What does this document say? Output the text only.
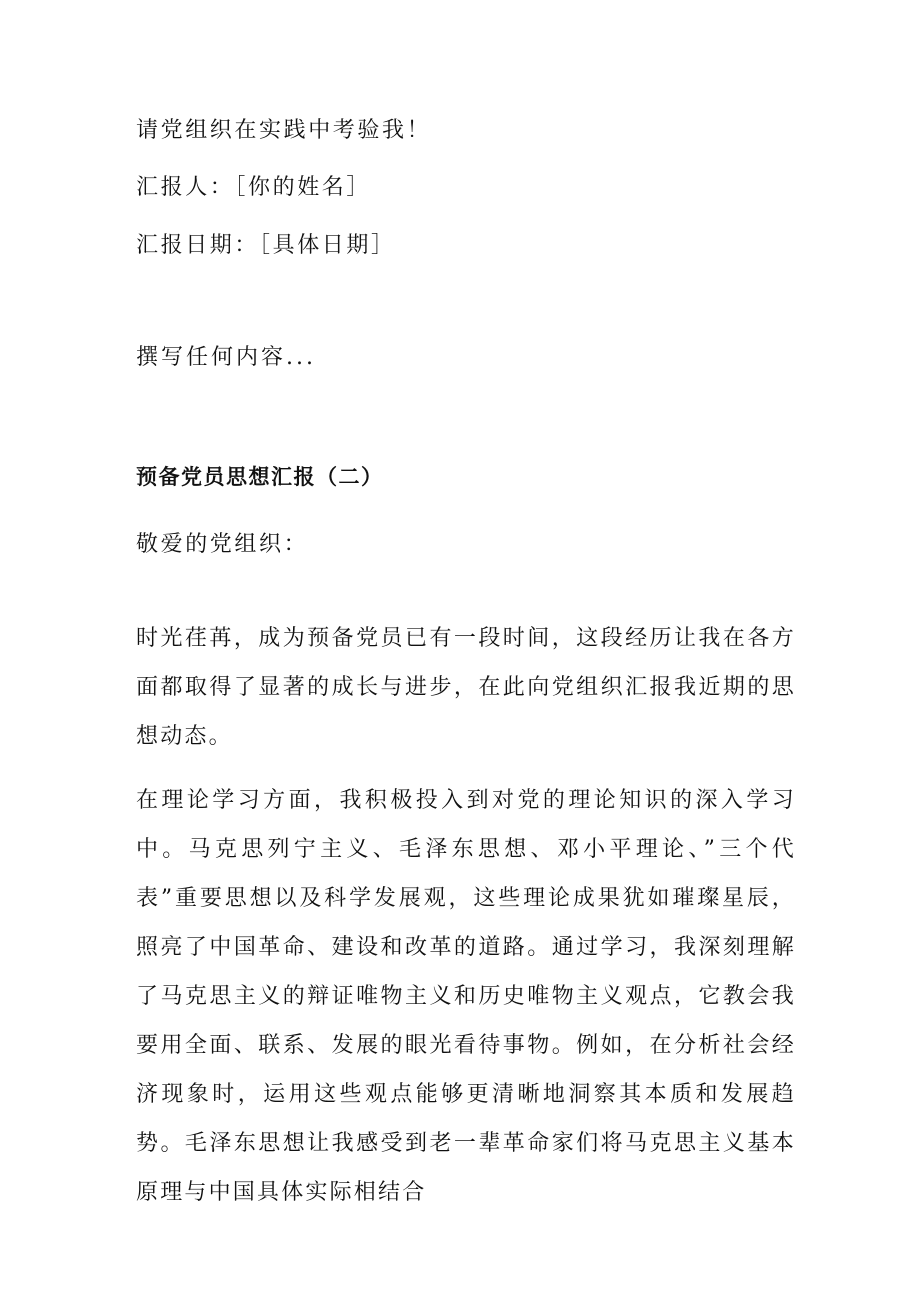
请党组织在实践中考验我！
汇报人：［你的姓名］
汇报日期：［具体日期］
撰写任何内容...
预备党员思想汇报（二）
敬爱的党组织：

时光荏苒，成为预备党员已有一段时间，这段经历让我在各方面都取得了显著的成长与进步，在此向党组织汇报我近期的思想动态。

在理论学习方面，我积极投入到对党的理论知识的深入学习中。马克思列宁主义、毛泽东思想、邓小平理论、”三个代表”重要思想以及科学发展观，这些理论成果犹如璀璨星辰，照亮了中国革命、建设和改革的道路。通过学习，我深刻理解了马克思主义的辩证唯物主义和历史唯物主义观点，它教会我要用全面、联系、发展的眼光看待事物。例如，在分析社会经济现象时，运用这些观点能够更清晰地洞察其本质和发展趋势。毛泽东思想让我感受到老一辈革命家们将马克思主义基本原理与中国具体实际相结合
